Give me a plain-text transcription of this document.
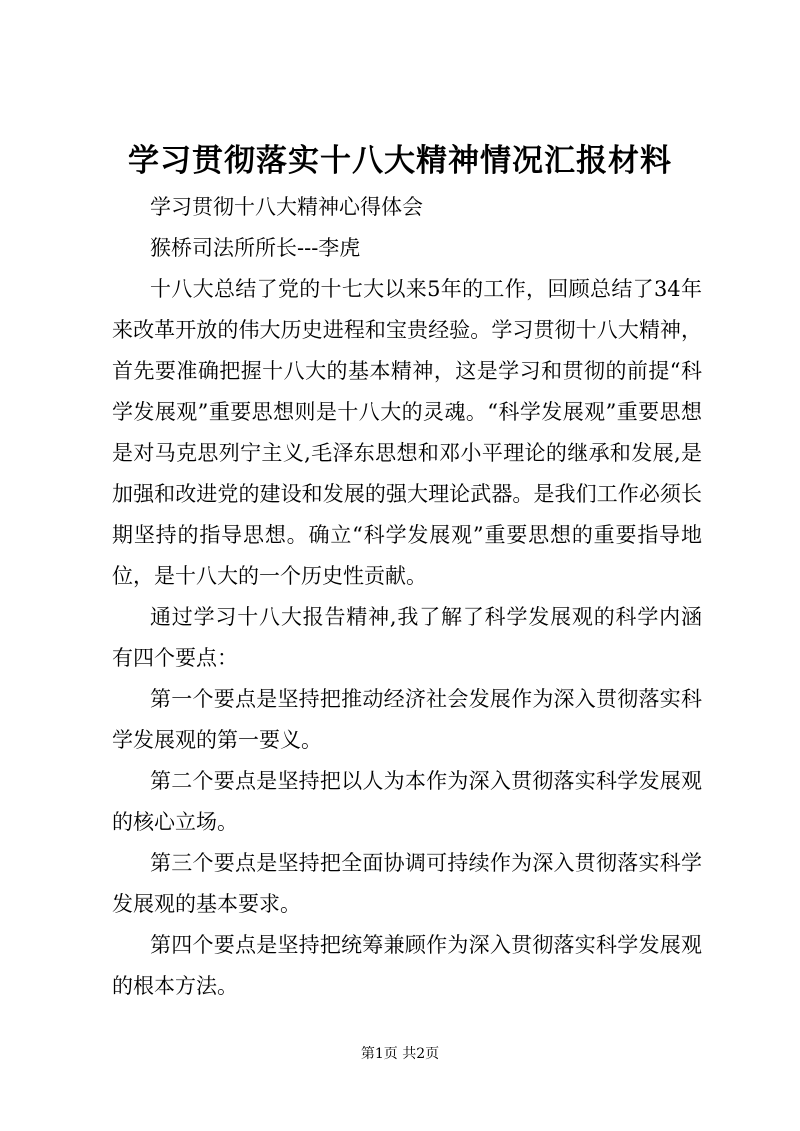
学习贯彻落实十八大精神情况汇报材料

学习贯彻十八大精神心得体会

猴桥司法所所长---李虎

十八大总结了党的十七大以来5年的工作，回顾总结了34年来改革开放的伟大历史进程和宝贵经验。学习贯彻十八大精神，首先要准确把握十八大的基本精神，这是学习和贯彻的前提“科学发展观”重要思想则是十八大的灵魂。“科学发展观”重要思想是对马克思列宁主义,毛泽东思想和邓小平理论的继承和发展,是加强和改进党的建设和发展的强大理论武器。是我们工作必须长期坚持的指导思想。确立“科学发展观”重要思想的重要指导地位，是十八大的一个历史性贡献。

通过学习十八大报告精神,我了解了科学发展观的科学内涵有四个要点：

第一个要点是坚持把推动经济社会发展作为深入贯彻落实科学发展观的第一要义。

第二个要点是坚持把以人为本作为深入贯彻落实科学发展观的核心立场。

第三个要点是坚持把全面协调可持续作为深入贯彻落实科学发展观的基本要求。

第四个要点是坚持把统筹兼顾作为深入贯彻落实科学发展观的根本方法。

第1页 共2页
